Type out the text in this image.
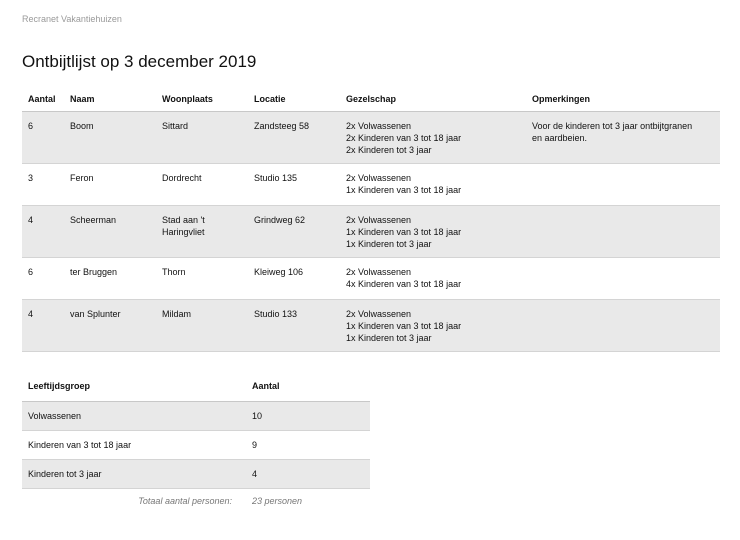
Recranet Vakantiehuizen
Ontbijtlijst op 3 december 2019
Aantal	Naam	Woonplaats	Locatie	Gezelschap	Opmerkingen
6	Boom	Sittard	Zandsteeg 58	2x Volwassenen
2x Kinderen van 3 tot 18 jaar
2x Kinderen tot 3 jaar	Voor de kinderen tot 3 jaar ontbijtgranen
en aardbeien.

3	Feron	Dordrecht	Studio 135	2x Volwassenen
1x Kinderen van 3 tot 18 jaar	

4	Scheerman	Stad aan 't
Haringvliet	Grindweg 62	2x Volwassenen
1x Kinderen van 3 tot 18 jaar
1x Kinderen tot 3 jaar	

6	ter Bruggen	Thorn	Kleiweg 106	2x Volwassenen
4x Kinderen van 3 tot 18 jaar	

4	van Splunter	Mildam	Studio 133	2x Volwassenen
1x Kinderen van 3 tot 18 jaar
1x Kinderen tot 3 jaar	

Leeftijdsgroep	Aantal
Volwassenen	10
Kinderen van 3 tot 18 jaar	9
Kinderen tot 3 jaar	4
Totaal aantal personen:	23 personen
